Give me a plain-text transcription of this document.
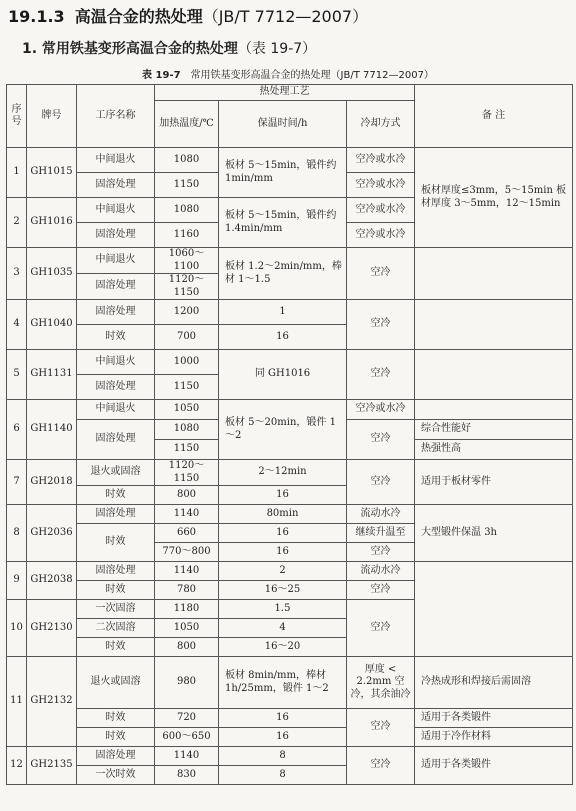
19.1.3 高温合金的热处理（JB/T 7712—2007）
1. 常用铁基变形高温合金的热处理（表 19-7）
表 19-7 常用铁基变形高温合金的热处理（JB/T 7712—2007）
序号	牌号	工序名称	热处理工艺			备 注
			加热温度/℃	保温时间/h	冷却方式	
1	GH1015	中间退火	1080	板材 5～15min，锻件约 1min/mm	空冷或水冷	板材厚度≤3mm，5～15min 板材厚度 3～5mm，12～15min
		固溶处理	1150		空冷或水冷	
2	GH1016	中间退火	1080	板材 5～15min，锻件约 1.4min/mm	空冷或水冷	
		固溶处理	1160		空冷或水冷	
3	GH1035	中间退火	1060～1100	板材 1.2～2min/mm，棒材 1～1.5	空冷	
		固溶处理	1120～1150			
4	GH1040	固溶处理	1200	1	空冷	
		时效	700	16		
5	GH1131	中间退火	1000	同 GH1016	空冷	
		固溶处理	1150			
6	GH1140	中间退火	1050	板材 5～20min，锻件 1～2	空冷或水冷	
		固溶处理	1080		空冷	综合性能好
			1150			热强性高
7	GH2018	退火或固溶	1120～1150	2～12min	空冷	适用于板材零件
		时效	800	16		
8	GH2036	固溶处理	1140	80min	流动水冷	大型锻件保温 3h
		时效	660	16	继续升温至	
			770～800	16	空冷	
9	GH2038	固溶处理	1140	2	流动水冷	
		时效	780	16～25	空冷	
10	GH2130	一次固溶	1180	1.5	空冷	
		二次固溶	1050	4		
		时效	800	16～20		
11	GH2132	退火或固溶	980	板材 8min/mm，棒材 1h/25mm，锻件 1～2	厚度 < 2.2mm 空冷，其余油冷	冷热成形和焊接后需固溶
		时效	720	16	空冷	适用于各类锻件
		时效	600～650	16		适用于冷作材料
12	GH2135	固溶处理	1140	8	空冷	适用于各类锻件
		一次时效	830	8		
